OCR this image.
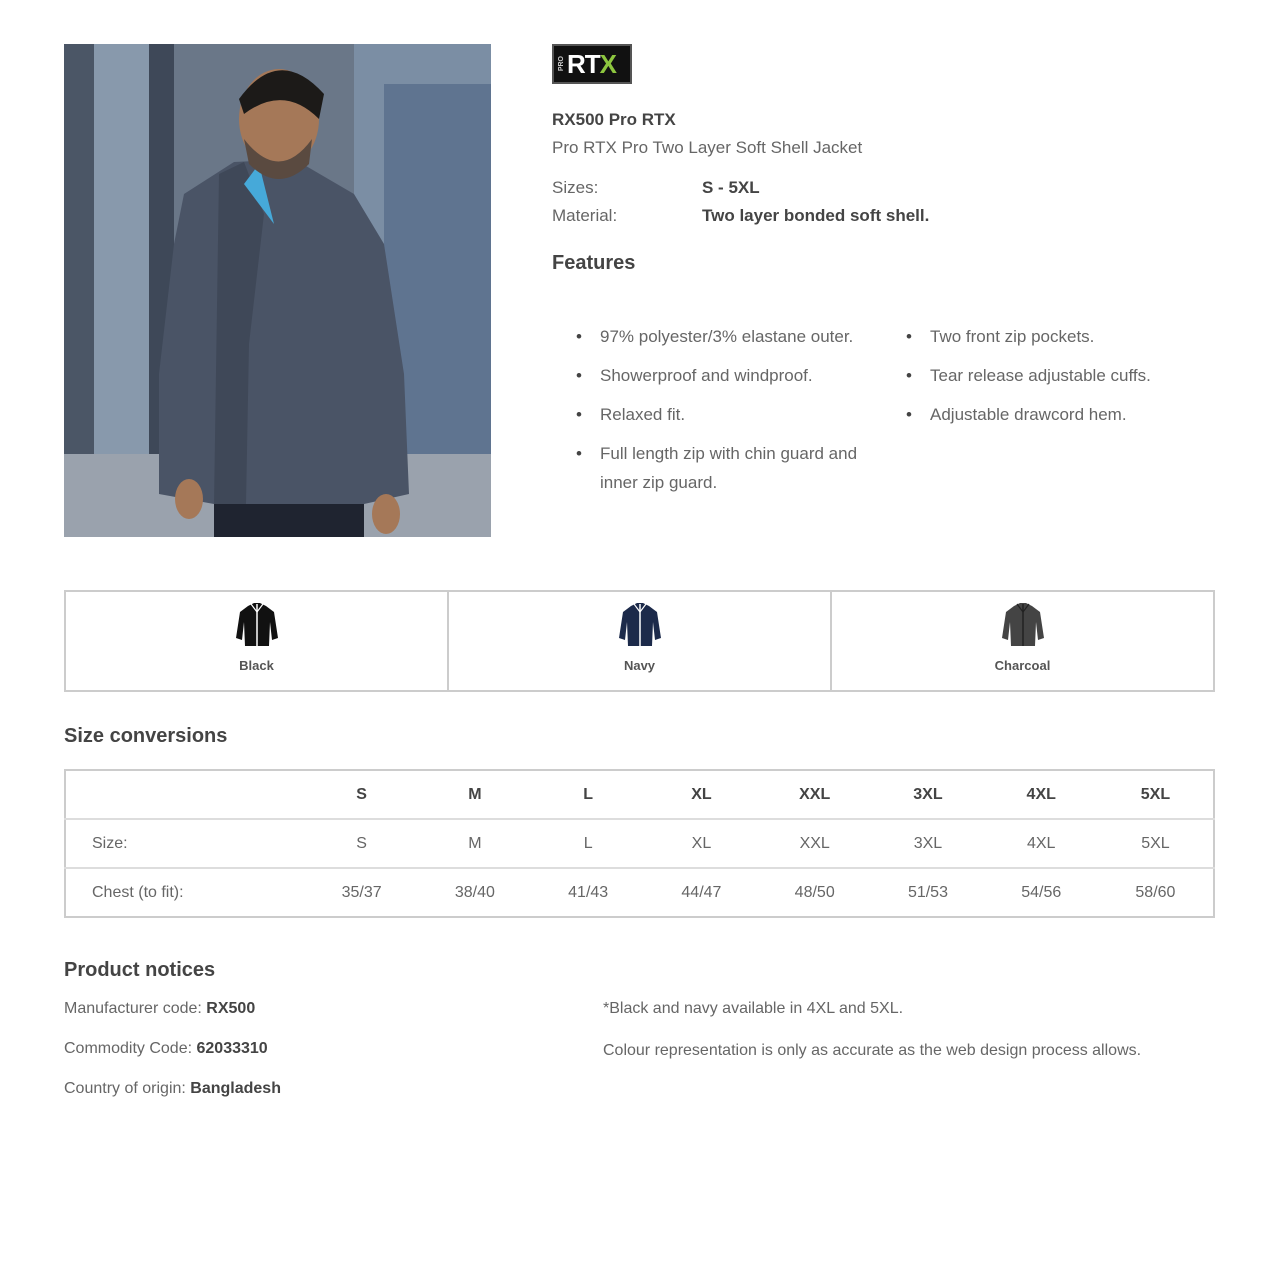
PRO RT X
RX500 Pro RTX
Pro RTX Pro Two Layer Soft Shell Jacket
Sizes:	S - 5XL
Material:	Two layer bonded soft shell.
Features
• 97% polyester/3% elastane outer.
• Showerproof and windproof.
• Relaxed fit.
• Full length zip with chin guard and inner zip guard.
• Two front zip pockets.
• Tear release adjustable cuffs.
• Adjustable drawcord hem.
Black	Navy	Charcoal
Size conversions
	S	M	L	XL	XXL	3XL	4XL	5XL
Size:	S	M	L	XL	XXL	3XL	4XL	5XL
Chest (to fit):	35/37	38/40	41/43	44/47	48/50	51/53	54/56	58/60
Product notices
Manufacturer code: RX500
Commodity Code: 62033310
Country of origin: Bangladesh
*Black and navy available in 4XL and 5XL.
Colour representation is only as accurate as the web design process allows.
